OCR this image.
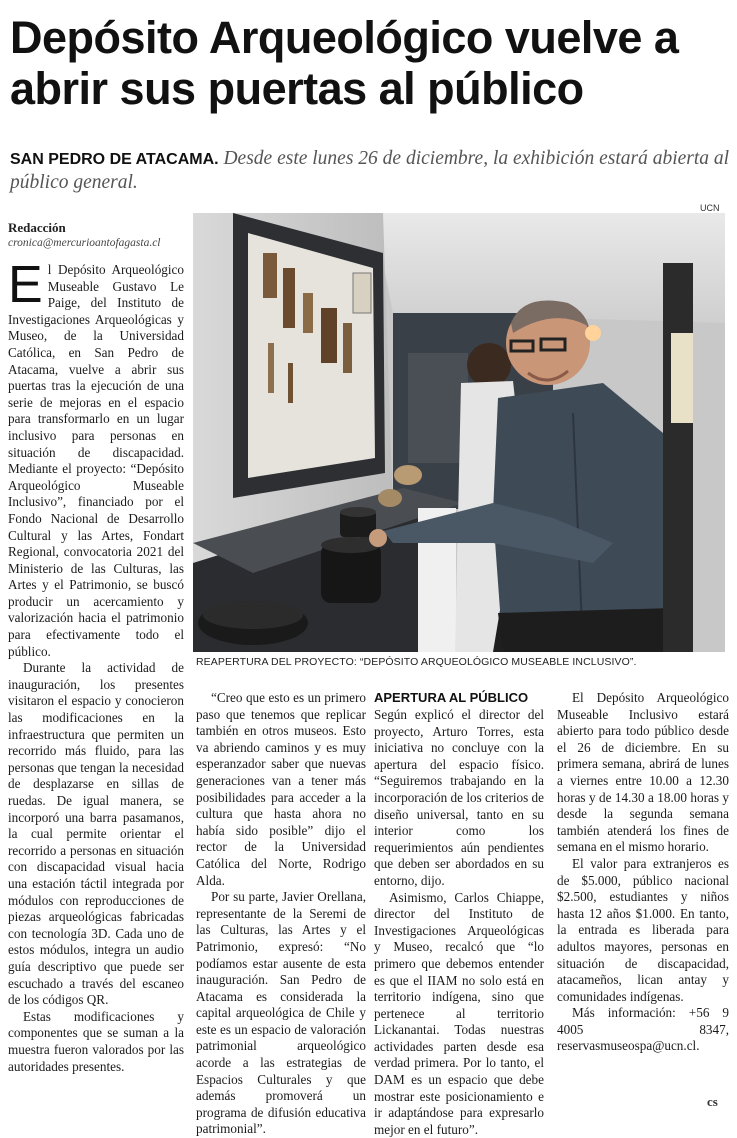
Depósito Arqueológico vuelve a abrir sus puertas al público

SAN PEDRO DE ATACAMA. Desde este lunes 26 de diciembre, la exhibición estará abierta al público general.

Redacción
cronica@mercurioantofagasta.cl

El Depósito Arqueológico Museable Gustavo Le Paige, del Instituto de Investigaciones Arqueológicas y Museo, de la Universidad Católica, en San Pedro de Atacama, vuelve a abrir sus puertas tras la ejecución de una serie de mejoras en el espacio para transformarlo en un lugar inclusivo para personas en situación de discapacidad. Mediante el proyecto: “Depósito Arqueológico Museable Inclusivo”, financiado por el Fondo Nacional de Desarrollo Cultural y las Artes, Fondart Regional, convocatoria 2021 del Ministerio de las Culturas, las Artes y el Patrimonio, se buscó producir un acercamiento y valorización hacia el patrimonio para efectivamente todo el público.

Durante la actividad de inauguración, los presentes visitaron el espacio y conocieron las modificaciones en la infraestructura que permiten un recorrido más fluido, para las personas que tengan la necesidad de desplazarse en sillas de ruedas. De igual manera, se incorporó una barra pasamanos, la cual permite orientar el recorrido a personas en situación con discapacidad visual hacia una estación táctil integrada por módulos con reproducciones de piezas arqueológicas fabricadas con tecnología 3D. Cada uno de estos módulos, integra un audio guía descriptivo que puede ser escuchado a través del escaneo de los códigos QR.

Estas modificaciones y componentes que se suman a la muestra fueron valorados por las autoridades presentes.

UCN
REAPERTURA DEL PROYECTO: “DEPÓSITO ARQUEOLÓGICO MUSEABLE INCLUSIVO”.

“Creo que esto es un primero paso que tenemos que replicar también en otros museos. Esto va abriendo caminos y es muy esperanzador saber que nuevas generaciones van a tener más posibilidades para acceder a la cultura que hasta ahora no había sido posible” dijo el rector de la Universidad Católica del Norte, Rodrigo Alda.

Por su parte, Javier Orellana, representante de la Seremi de las Culturas, las Artes y el Patrimonio, expresó: “No podíamos estar ausente de esta inauguración. San Pedro de Atacama es considerada la capital arqueológica de Chile y este es un espacio de valoración patrimonial arqueológico acorde a las estrategias de Espacios Culturales y que además promoverá un programa de difusión educativa patrimonial”.

APERTURA AL PÚBLICO

Según explicó el director del proyecto, Arturo Torres, esta iniciativa no concluye con la apertura del espacio físico. “Seguiremos trabajando en la incorporación de los criterios de diseño universal, tanto en su interior como los requerimientos aún pendientes que deben ser abordados en su entorno, dijo.

Asimismo, Carlos Chiappe, director del Instituto de Investigaciones Arqueológicas y Museo, recalcó que “lo primero que debemos entender es que el IIAM no solo está en territorio indígena, sino que pertenece al territorio Lickanantai. Todas nuestras actividades parten desde esa verdad primera. Por lo tanto, el DAM es un espacio que debe mostrar este posicionamiento e ir adaptándose para expresarlo mejor en el futuro”.

El Depósito Arqueológico Museable Inclusivo estará abierto para todo público desde el 26 de diciembre. En su primera semana, abrirá de lunes a viernes entre 10.00 a 12.30 horas y de 14.30 a 18.00 horas y desde la segunda semana también atenderá los fines de semana en el mismo horario.

El valor para extranjeros es de $5.000, público nacional $2.500, estudiantes y niños hasta 12 años $1.000. En tanto, la entrada es liberada para adultos mayores, personas en situación de discapacidad, atacameños, lican antay y comunidades indígenas.

Más información: +56 9 4005 8347, reservasmuseospa@ucn.cl.

cs
